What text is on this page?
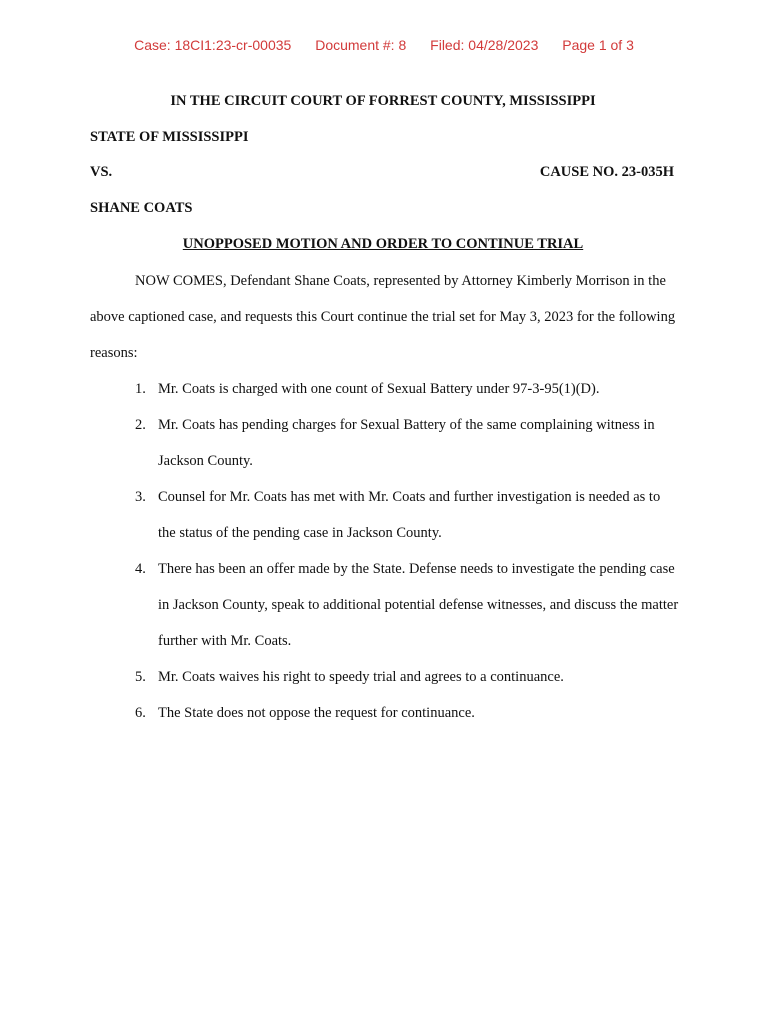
Case: 18CI1:23-cr-00035 Document #: 8 Filed: 04/28/2023 Page 1 of 3
IN THE CIRCUIT COURT OF FORREST COUNTY, MISSISSIPPI
STATE OF MISSISSIPPI
VS.	CAUSE NO. 23-035H
SHANE COATS
UNOPPOSED MOTION AND ORDER TO CONTINUE TRIAL
NOW COMES, Defendant Shane Coats, represented by Attorney Kimberly Morrison in the above captioned case, and requests this Court continue the trial set for May 3, 2023 for the following reasons:
1. Mr. Coats is charged with one count of Sexual Battery under 97-3-95(1)(D).
2. Mr. Coats has pending charges for Sexual Battery of the same complaining witness in Jackson County.
3. Counsel for Mr. Coats has met with Mr. Coats and further investigation is needed as to the status of the pending case in Jackson County.
4. There has been an offer made by the State. Defense needs to investigate the pending case in Jackson County, speak to additional potential defense witnesses, and discuss the matter further with Mr. Coats.
5. Mr. Coats waives his right to speedy trial and agrees to a continuance.
6. The State does not oppose the request for continuance.
